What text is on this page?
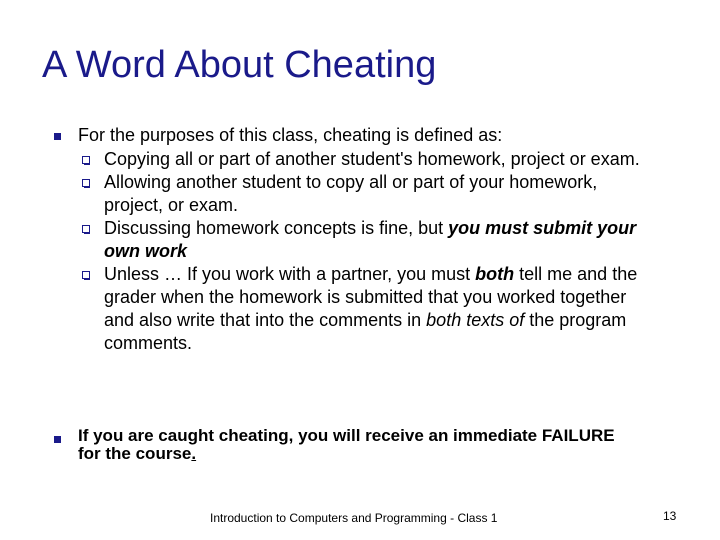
A Word About Cheating
For the purposes of this class, cheating is defined as:
Copying all or part of another student's homework, project or exam.
Allowing another student to copy all or part of your homework, project, or exam.
Discussing homework concepts is fine, but you must submit your own work
Unless … If you work with a partner, you must both tell me and the grader when the homework is submitted that you worked together and also write that into the comments in both texts of the program comments.
If you are caught cheating, you will receive an immediate FAILURE for the course.
Introduction to Computers and Programming - Class 1	13
